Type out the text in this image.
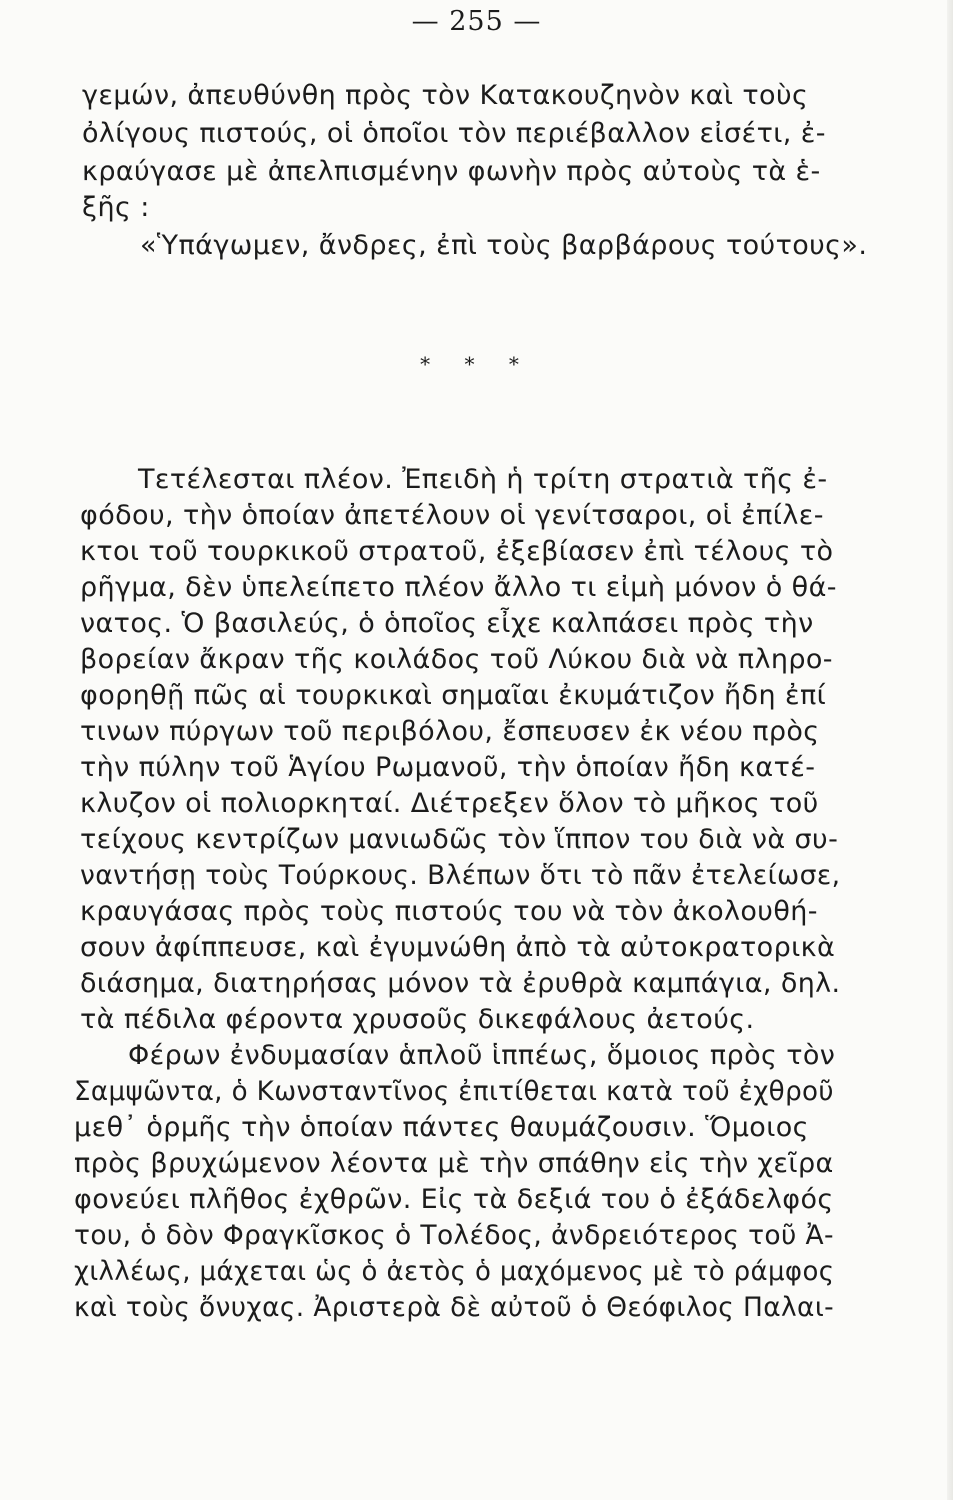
— 255 —
γεμών, ἀπευθύνθη πρὸς τὸν Κατακουζηνὸν καὶ τοὺς
ὀλίγους πιστούς, οἱ ὁποῖοι τὸν περιέβαλλον εἰσέτι, ἐ-
κραύγασε μὲ ἀπελπισμένην φωνὴν πρὸς αὐτοὺς τὰ ἑ-
ξῆς :
«Ὑπάγωμεν, ἄνδρες, ἐπὶ τοὺς βαρβάρους τούτους».
* * *
Τετέλεσται πλέον. Ἐπειδὴ ἡ τρίτη στρατιὰ τῆς ἐ-
φόδου, τὴν ὁποίαν ἀπετέλουν οἱ γενίτσαροι, οἱ ἐπίλε-
κτοι τοῦ τουρκικοῦ στρατοῦ, ἐξεβίασεν ἐπὶ τέλους τὸ
ρῆγμα, δὲν ὑπελείπετο πλέον ἄλλο τι εἰμὴ μόνον ὁ θά-
νατος. Ὁ βασιλεύς, ὁ ὁποῖος εἶχε καλπάσει πρὸς τὴν
βορείαν ἄκραν τῆς κοιλάδος τοῦ Λύκου διὰ νὰ πληρο-
φορηθῇ πῶς αἱ τουρκικαὶ σημαῖαι ἐκυμάτιζον ἤδη ἐπί
τινων πύργων τοῦ περιβόλου, ἔσπευσεν ἐκ νέου πρὸς
τὴν πύλην τοῦ Ἁγίου Ρωμανοῦ, τὴν ὁποίαν ἤδη κατέ-
κλυζον οἱ πολιορκηταί. Διέτρεξεν ὅλον τὸ μῆκος τοῦ
τείχους κεντρίζων μανιωδῶς τὸν ἵππον του διὰ νὰ συ-
ναντήσῃ τοὺς Τούρκους. Βλέπων ὅτι τὸ πᾶν ἐτελείωσε,
κραυγάσας πρὸς τοὺς πιστούς του νὰ τὸν ἀκολουθή-
σουν ἀφίππευσε, καὶ ἐγυμνώθη ἀπὸ τὰ αὐτοκρατορικὰ
διάσημα, διατηρήσας μόνον τὰ ἐρυθρὰ καμπάγια, δηλ.
τὰ πέδιλα φέροντα χρυσοῦς δικεφάλους ἀετούς.
Φέρων ἐνδυμασίαν ἁπλοῦ ἱππέως, ὅμοιος πρὸς τὸν
Σαμψῶντα, ὁ Κωνσταντῖνος ἐπιτίθεται κατὰ τοῦ ἐχθροῦ
μεθ᾽ ὁρμῆς τὴν ὁποίαν πάντες θαυμάζουσιν. Ὅμοιος
πρὸς βρυχώμενον λέοντα μὲ τὴν σπάθην εἰς τὴν χεῖρα
φονεύει πλῆθος ἐχθρῶν. Εἰς τὰ δεξιά του ὁ ἐξάδελφός
του, ὁ δὸν Φραγκῖσκος ὁ Τολέδος, ἀνδρειότερος τοῦ Ἀ-
χιλλέως, μάχεται ὡς ὁ ἀετὸς ὁ μαχόμενος μὲ τὸ ράμφος
καὶ τοὺς ὄνυχας. Ἀριστερὰ δὲ αὐτοῦ ὁ Θεόφιλος Παλαι-
